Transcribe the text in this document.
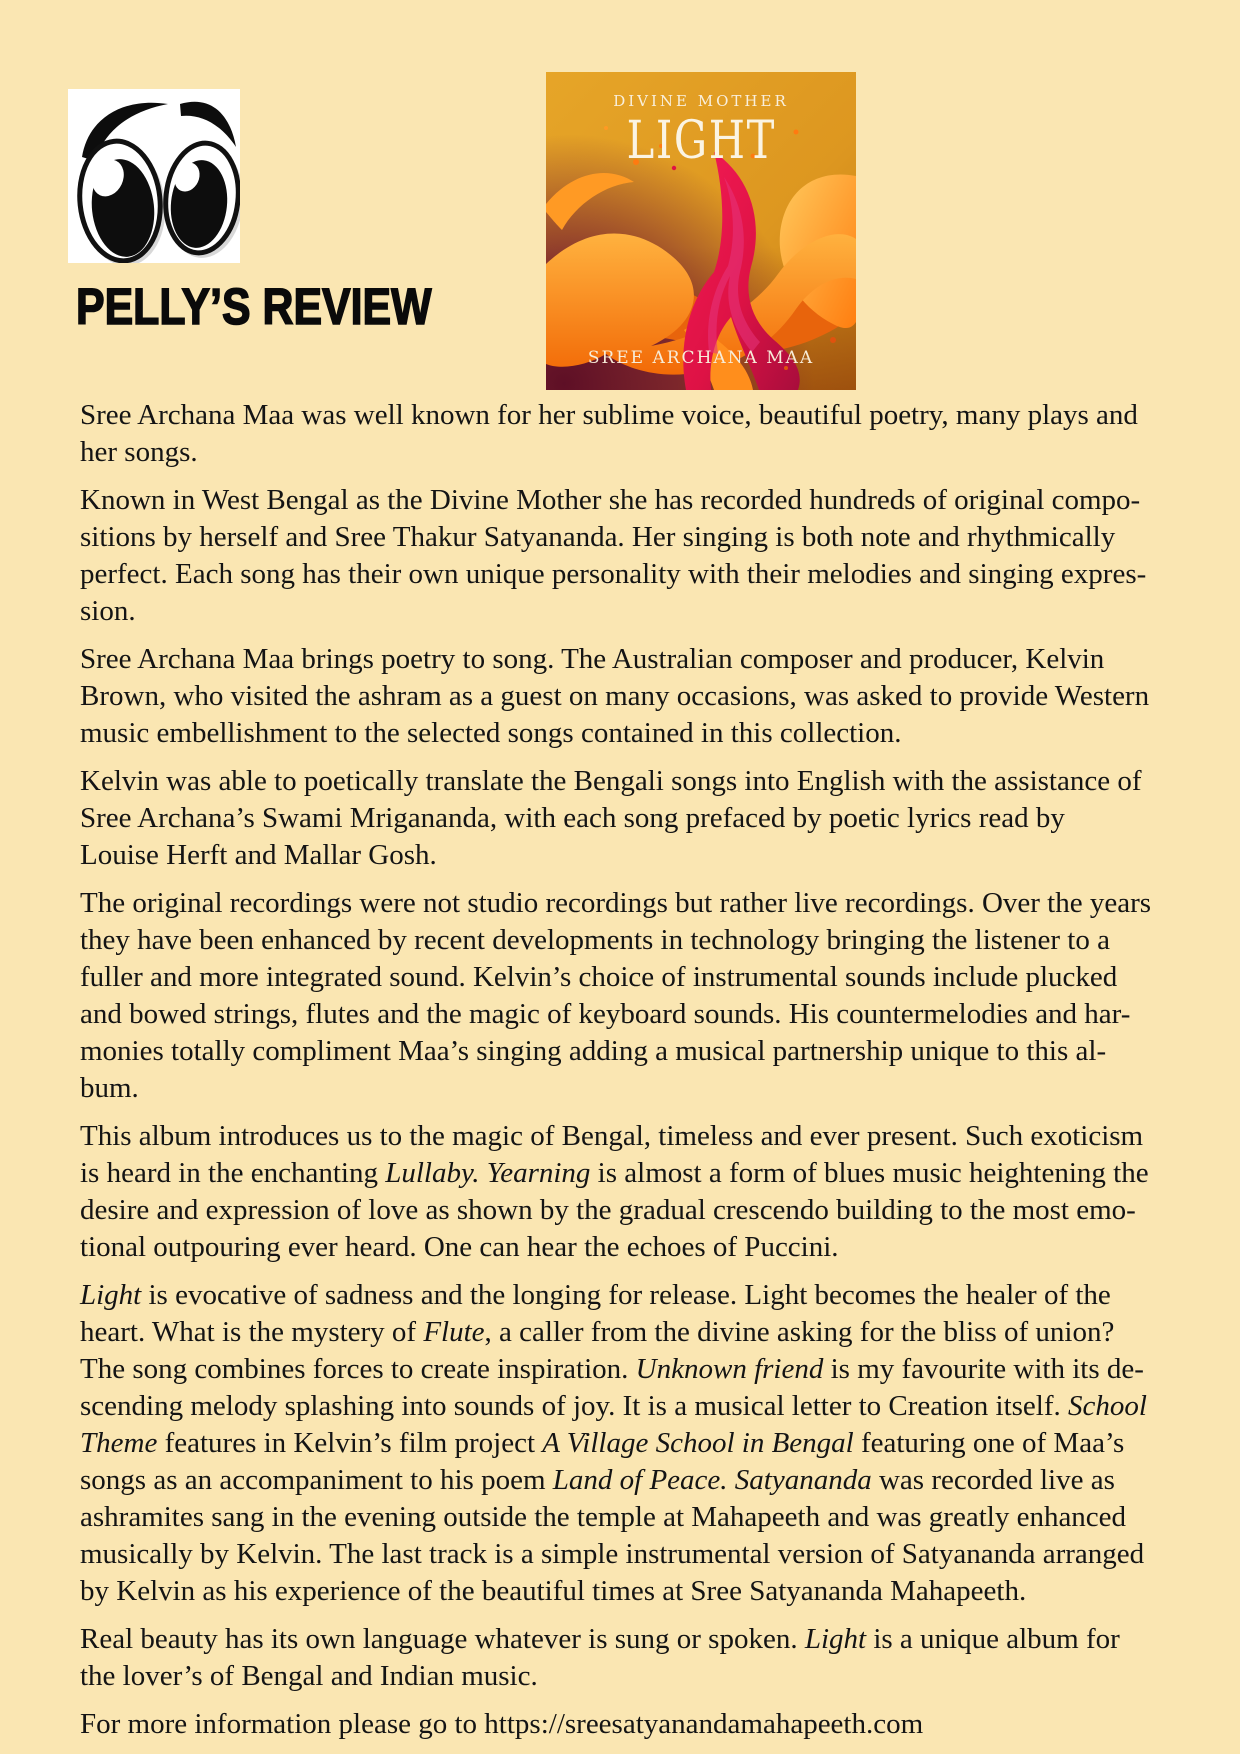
PELLY’S REVIEW
DIVINE MOTHER
LIGHT
SREE ARCHANA MAA

Sree Archana Maa was well known for her sublime voice, beautiful poetry, many plays and
her songs.

Known in West Bengal as the Divine Mother she has recorded hundreds of original compo-
sitions by herself and Sree Thakur Satyananda. Her singing is both note and rhythmically
perfect. Each song has their own unique personality with their melodies and singing expres-
sion.

Sree Archana Maa brings poetry to song. The Australian composer and producer, Kelvin
Brown, who visited the ashram as a guest on many occasions, was asked to provide Western
music embellishment to the selected songs contained in this collection.

Kelvin was able to poetically translate the Bengali songs into English with the assistance of
Sree Archana’s Swami Mrigananda, with each song prefaced by poetic lyrics read by
Louise Herft and Mallar Gosh.

The original recordings were not studio recordings but rather live recordings. Over the years
they have been enhanced by recent developments in technology bringing the listener to a
fuller and more integrated sound. Kelvin’s choice of instrumental sounds include plucked
and bowed strings, flutes and the magic of keyboard sounds. His countermelodies and har-
monies totally compliment Maa’s singing adding a musical partnership unique to this al-
bum.

This album introduces us to the magic of Bengal, timeless and ever present. Such exoticism
is heard in the enchanting Lullaby. Yearning is almost a form of blues music heightening the
desire and expression of love as shown by the gradual crescendo building to the most emo-
tional outpouring ever heard. One can hear the echoes of Puccini.

Light is evocative of sadness and the longing for release. Light becomes the healer of the
heart. What is the mystery of Flute, a caller from the divine asking for the bliss of union?
The song combines forces to create inspiration. Unknown friend is my favourite with its de-
scending melody splashing into sounds of joy. It is a musical letter to Creation itself. School
Theme features in Kelvin’s film project A Village School in Bengal featuring one of Maa’s
songs as an accompaniment to his poem Land of Peace. Satyananda was recorded live as
ashramites sang in the evening outside the temple at Mahapeeth and was greatly enhanced
musically by Kelvin. The last track is a simple instrumental version of Satyananda arranged
by Kelvin as his experience of the beautiful times at Sree Satyananda Mahapeeth.

Real beauty has its own language whatever is sung or spoken. Light is a unique album for
the lover’s of Bengal and Indian music.

For more information please go to https://sreesatyanandamahapeeth.com
